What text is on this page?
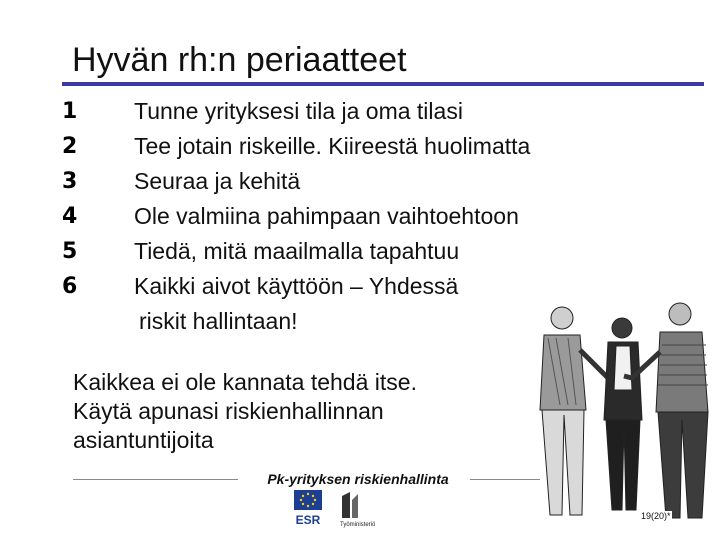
Hyvän rh:n periaatteet
1
2
3
4
5
6
Tunne yrityksesi tila ja oma tilasi
Tee jotain riskeille. Kiireestä huolimatta
Seuraa ja kehitä
Ole valmiina pahimpaan vaihtoehtoon
Tiedä, mitä maailmalla tapahtuu
Kaikki aivot käyttöön – Yhdessä
riskit hallintaan!
Kaikkea ei ole kannata tehdä itse.
Käytä apunasi riskienhallinnan
asiantuntijoita
Pk-yrityksen riskienhallinta
ESR	Työministeriö
19(20)*
